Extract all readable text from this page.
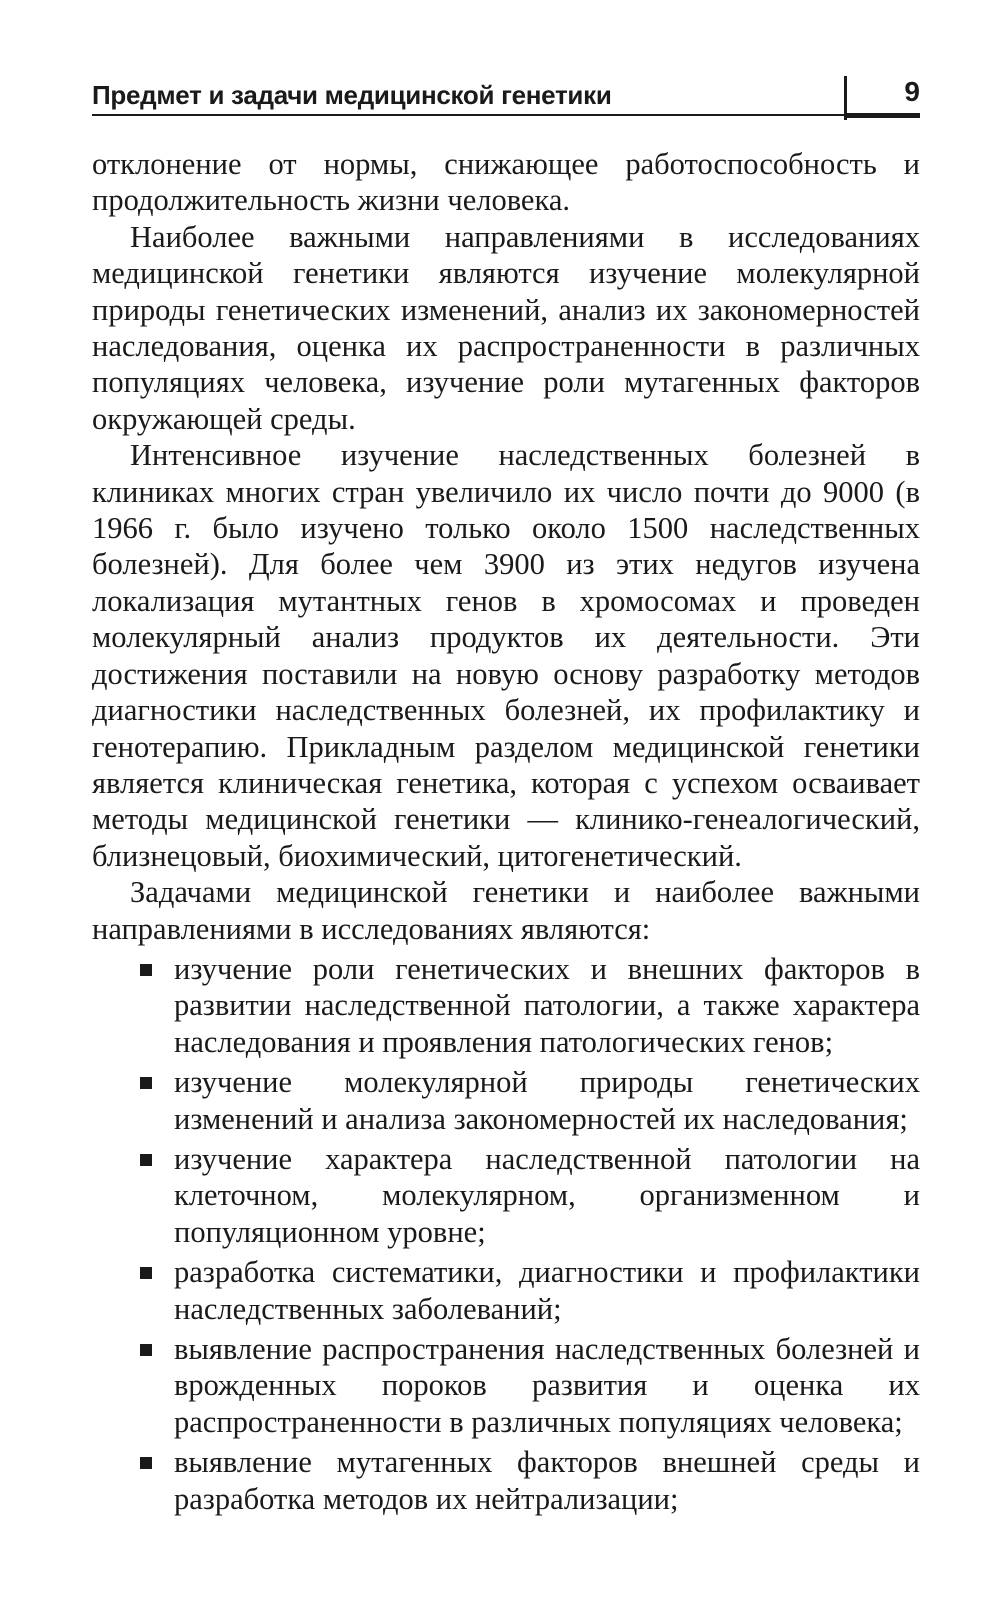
Предмет и задачи медицинской генетики	9

отклонение от нормы, снижающее работоспособность и продолжительность жизни человека.

Наиболее важными направлениями в исследованиях медицинской генетики являются изучение молекулярной природы генетических изменений, анализ их закономерностей наследования, оценка их распространенности в различных популяциях человека, изучение роли мутагенных факторов окружающей среды.

Интенсивное изучение наследственных болезней в клиниках многих стран увеличило их число почти до 9000 (в 1966 г. было изучено только около 1500 наследственных болезней). Для более чем 3900 из этих недугов изучена локализация мутантных генов в хромосомах и проведен молекулярный анализ продуктов их деятельности. Эти достижения поставили на новую основу разработку методов диагностики наследственных болезней, их профилактику и генотерапию. Прикладным разделом медицинской генетики является клиническая генетика, которая с успехом осваивает методы медицинской генетики — клинико-генеалогический, близнецовый, биохимический, цитогенетический.

Задачами медицинской генетики и наиболее важными направлениями в исследованиях являются:

изучение роли генетических и внешних факторов в развитии наследственной патологии, а также характера наследования и проявления патологических генов;
изучение молекулярной природы генетических изменений и анализа закономерностей их наследования;
изучение характера наследственной патологии на клеточном, молекулярном, организменном и популяционном уровне;
разработка систематики, диагностики и профилактики наследственных заболеваний;
выявление распространения наследственных болезней и врожденных пороков развития и оценка их распространенности в различных популяциях человека;
выявление мутагенных факторов внешней среды и разработка методов их нейтрализации;
